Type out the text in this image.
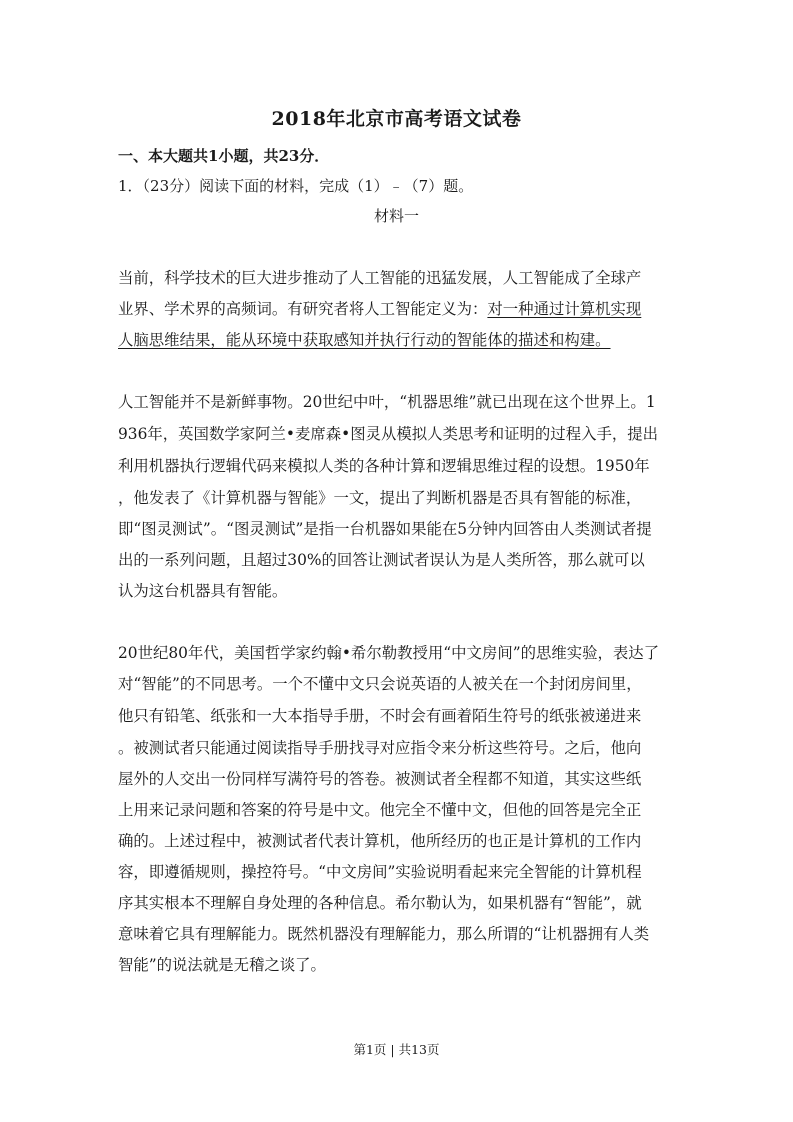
2018年北京市高考语文试卷
一、本大题共1小题，共23分．
1．（23分）阅读下面的材料，完成（1）﹣（7）题。
材料一
当前，科学技术的巨大进步推动了人工智能的迅猛发展，人工智能成了全球产
业界、学术界的高频词。有研究者将人工智能定义为：对一种通过计算机实现
人脑思维结果，能从环境中获取感知并执行行动的智能体的描述和构建。
人工智能并不是新鲜事物。20世纪中叶，“机器思维”就已出现在这个世界上。1
936年，英国数学家阿兰•麦席森•图灵从模拟人类思考和证明的过程入手，提出
利用机器执行逻辑代码来模拟人类的各种计算和逻辑思维过程的设想。1950年
，他发表了《计算机器与智能》一文，提出了判断机器是否具有智能的标准，
即“图灵测试”。“图灵测试”是指一台机器如果能在5分钟内回答由人类测试者提
出的一系列问题，且超过30%的回答让测试者误认为是人类所答，那么就可以
认为这台机器具有智能。
20世纪80年代，美国哲学家约翰•希尔勒教授用“中文房间”的思维实验，表达了
对“智能”的不同思考。一个不懂中文只会说英语的人被关在一个封闭房间里，
他只有铅笔、纸张和一大本指导手册，不时会有画着陌生符号的纸张被递进来
。被测试者只能通过阅读指导手册找寻对应指令来分析这些符号。之后，他向
屋外的人交出一份同样写满符号的答卷。被测试者全程都不知道，其实这些纸
上用来记录问题和答案的符号是中文。他完全不懂中文，但他的回答是完全正
确的。上述过程中，被测试者代表计算机，他所经历的也正是计算机的工作内
容，即遵循规则，操控符号。“中文房间”实验说明看起来完全智能的计算机程
序其实根本不理解自身处理的各种信息。希尔勒认为，如果机器有“智能”，就
意味着它具有理解能力。既然机器没有理解能力，那么所谓的“让机器拥有人类
智能”的说法就是无稽之谈了。
第1页 | 共13页
